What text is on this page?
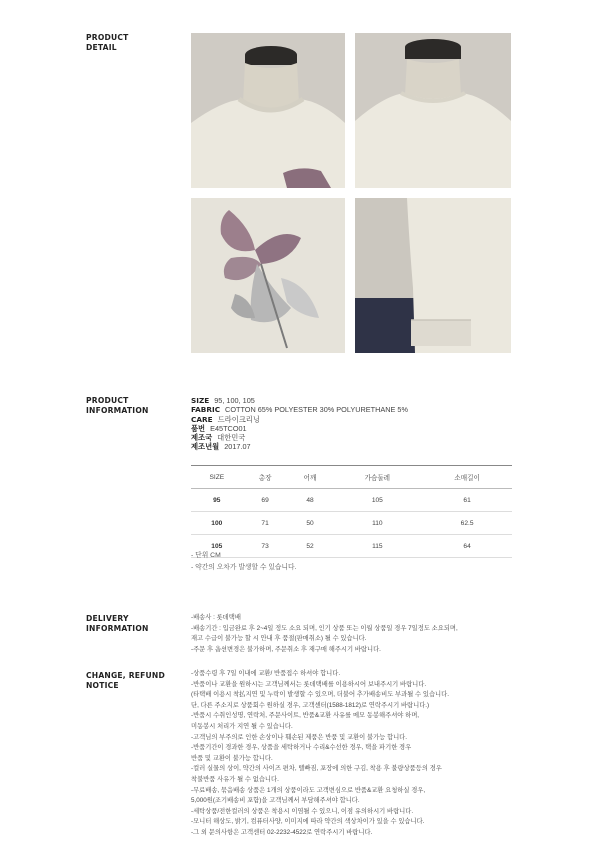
PRODUCT
DETAIL
PRODUCT
INFORMATION
SIZE 95, 100, 105
FABRIC COTTON 65% POLYESTER 30% POLYURETHANE 5%
CARE 드라이크리닝
품번 E45TCO01
제조국 대한민국
제조년월 2017.07
SIZE	총장	어깨	가슴둘레	소매길이
95	69	48	105	61
100	71	50	110	62.5
105	73	52	115	64
- 단위 CM
- 약간의 오차가 발생할 수 있습니다.
DELIVERY
INFORMATION
-배송사 : 롯데택배
-배송기간 : 입금완료 후 2~4일 정도 소요 되며, 인기 상품 또는 이월 상품일 경우 7일정도 소요되며,
재고 수급이 불가능 할 시 안내 후 품절(판매취소) 될 수 있습니다.
-주문 후 옵션변경은 불가하며, 주문취소 후 재구매 해주시기 바랍니다.
CHANGE, REFUND
NOTICE
-상품수령 후 7일 이내에 교환/ 반품접수 하셔야 합니다.
-반품이나 교환을 원하시는 고객님께서는 롯데택배를 이용하시어 보내주시기 바랍니다.
(타택배 이용시 착払지연 및 누락이 발생할 수 있으며, 더불어 추가배송비도 부과될 수 있습니다.
단, 다른 주소지로 상품회수 원하실 경우, 고객센터(1588-1812)로 연락주시기 바랍니다.)
-반품시 수취인성명, 연락처, 주문사이트, 반품&교환 사유를 메모 동봉해주셔야 하며,
미동봉시 처리가 지연 될 수 있습니다.
-고객님의 부주의로 인한 손상이나 훼손된 제품은 반품 및 교환이 불가능 합니다.
-반품기간이 경과한 경우, 상품을 세탁하거나 수리&수선한 경우, 택을 파기한 경우
반품 및 교환이 불가능 합니다.
-컬러 실물의 상이, 약간의 사이즈 편차, 텔빠짐, 포장에 의한 구김, 착용 후 불량상품등의 경우
착불반품 사유가 될 수 없습니다.
-무료배송, 묶음배송 상품은 1개의 상품이라도 고객변심으로 반품&교환 요청하실 경우,
5,000원(조기배송비 포함)을 고객님께서 부담해주셔야 합니다.
-세탁상품/전한컬러의 상품은 착용시 이염될 수 있으니, 이점 유의하시기 바랍니다.
-모니터 해상도, 밝기, 컴퓨터사양, 이미지에 따라 약간의 색상차이가 있을 수 있습니다.
-그 외 문의사항은 고객센터 02-2232-4522로 연락주시기 바랍니다.
